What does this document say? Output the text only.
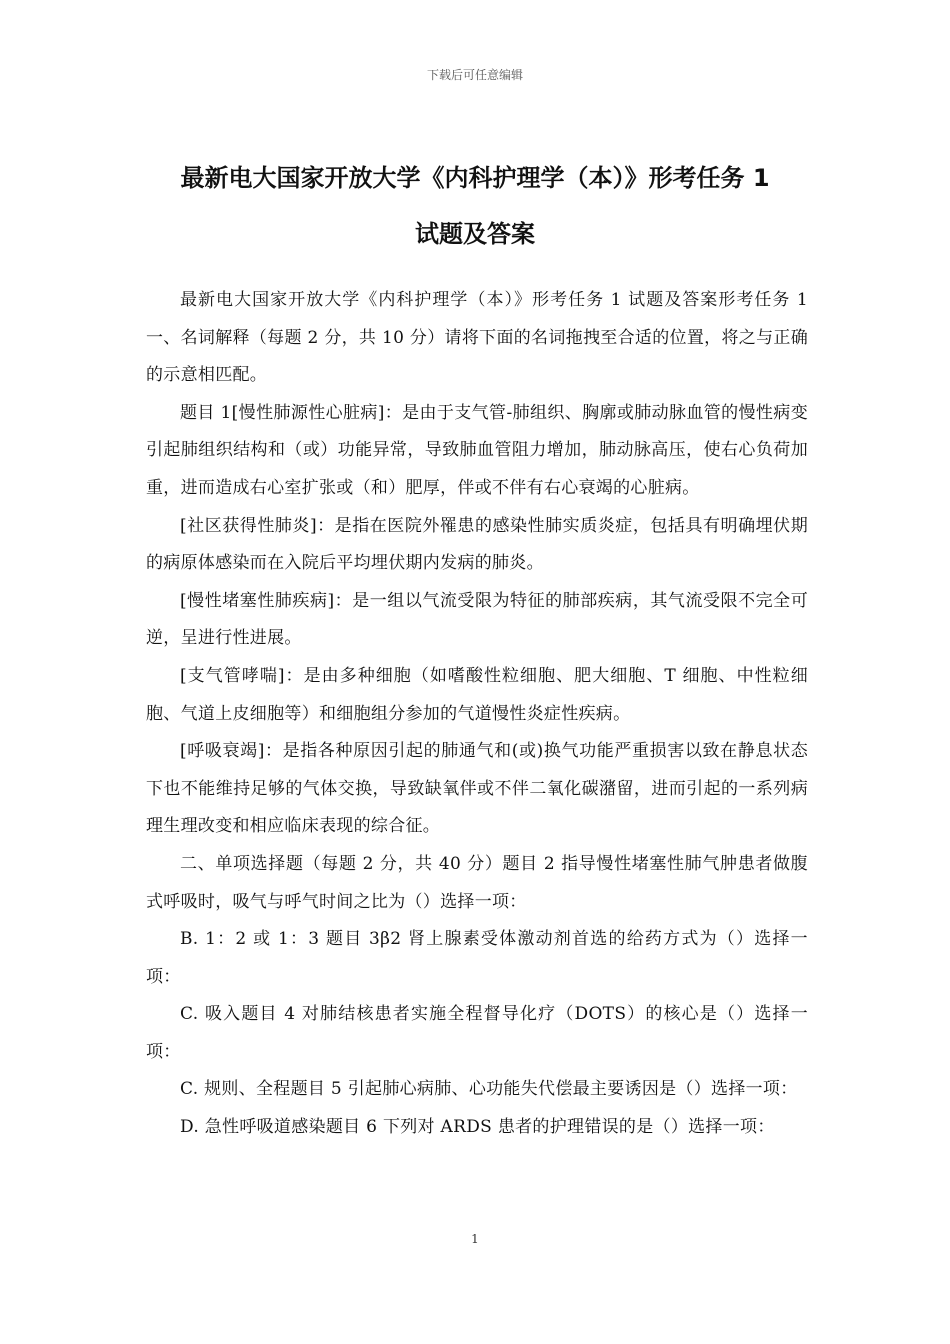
下载后可任意编辑
最新电大国家开放大学《内科护理学（本）》形考任务 1
试题及答案

最新电大国家开放大学《内科护理学（本）》形考任务 1 试题及答案形考任务 1 一、名词解释（每题 2 分，共 10 分）请将下面的名词拖拽至合适的位置，将之与正确的示意相匹配。

题目 1[慢性肺源性心脏病]：是由于支气管-肺组织、胸廓或肺动脉血管的慢性病变引起肺组织结构和（或）功能异常，导致肺血管阻力增加，肺动脉高压，使右心负荷加重，进而造成右心室扩张或（和）肥厚，伴或不伴有右心衰竭的心脏病。

[社区获得性肺炎]：是指在医院外罹患的感染性肺实质炎症，包括具有明确埋伏期的病原体感染而在入院后平均埋伏期内发病的肺炎。

[慢性堵塞性肺疾病]：是一组以气流受限为特征的肺部疾病，其气流受限不完全可逆，呈进行性进展。

[支气管哮喘]：是由多种细胞（如嗜酸性粒细胞、肥大细胞、T 细胞、中性粒细胞、气道上皮细胞等）和细胞组分参加的气道慢性炎症性疾病。

[呼吸衰竭]：是指各种原因引起的肺通气和(或)换气功能严重损害以致在静息状态下也不能维持足够的气体交换，导致缺氧伴或不伴二氧化碳潴留，进而引起的一系列病理生理改变和相应临床表现的综合征。

二、单项选择题（每题 2 分，共 40 分）题目 2 指导慢性堵塞性肺气肿患者做腹式呼吸时，吸气与呼气时间之比为（）选择一项：

B. 1：2 或 1：3 题目 3β2 肾上腺素受体激动剂首选的给药方式为（）选择一项：

C. 吸入题目 4 对肺结核患者实施全程督导化疗（DOTS）的核心是（）选择一项：

C. 规则、全程题目 5 引起肺心病肺、心功能失代偿最主要诱因是（）选择一项：

D. 急性呼吸道感染题目 6 下列对 ARDS 患者的护理错误的是（）选择一项：

1
